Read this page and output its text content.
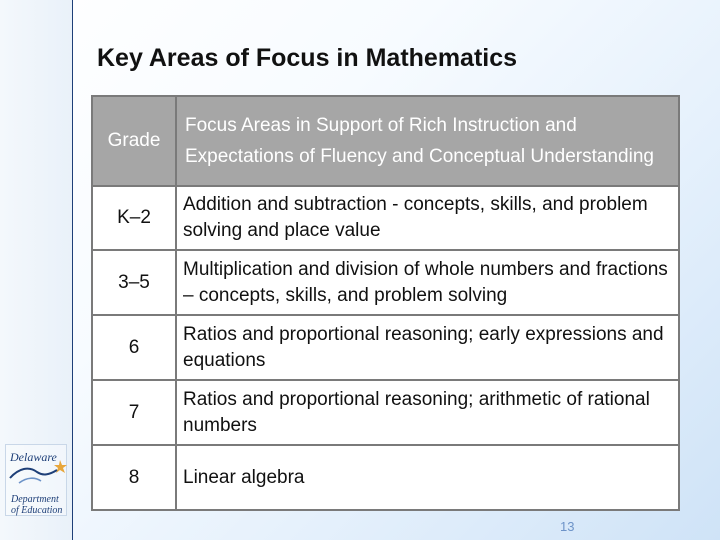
Key Areas of Focus in Mathematics
Grade	Focus Areas in Support of Rich Instruction and Expectations of Fluency and Conceptual Understanding
K–2	Addition and subtraction - concepts, skills, and problem solving and place value
3–5	Multiplication and division of whole numbers and fractions – concepts, skills, and problem solving
6	Ratios and proportional reasoning; early expressions and equations
7	Ratios and proportional reasoning; arithmetic of rational numbers
8	Linear algebra
Delaware
Department
of Education
13
